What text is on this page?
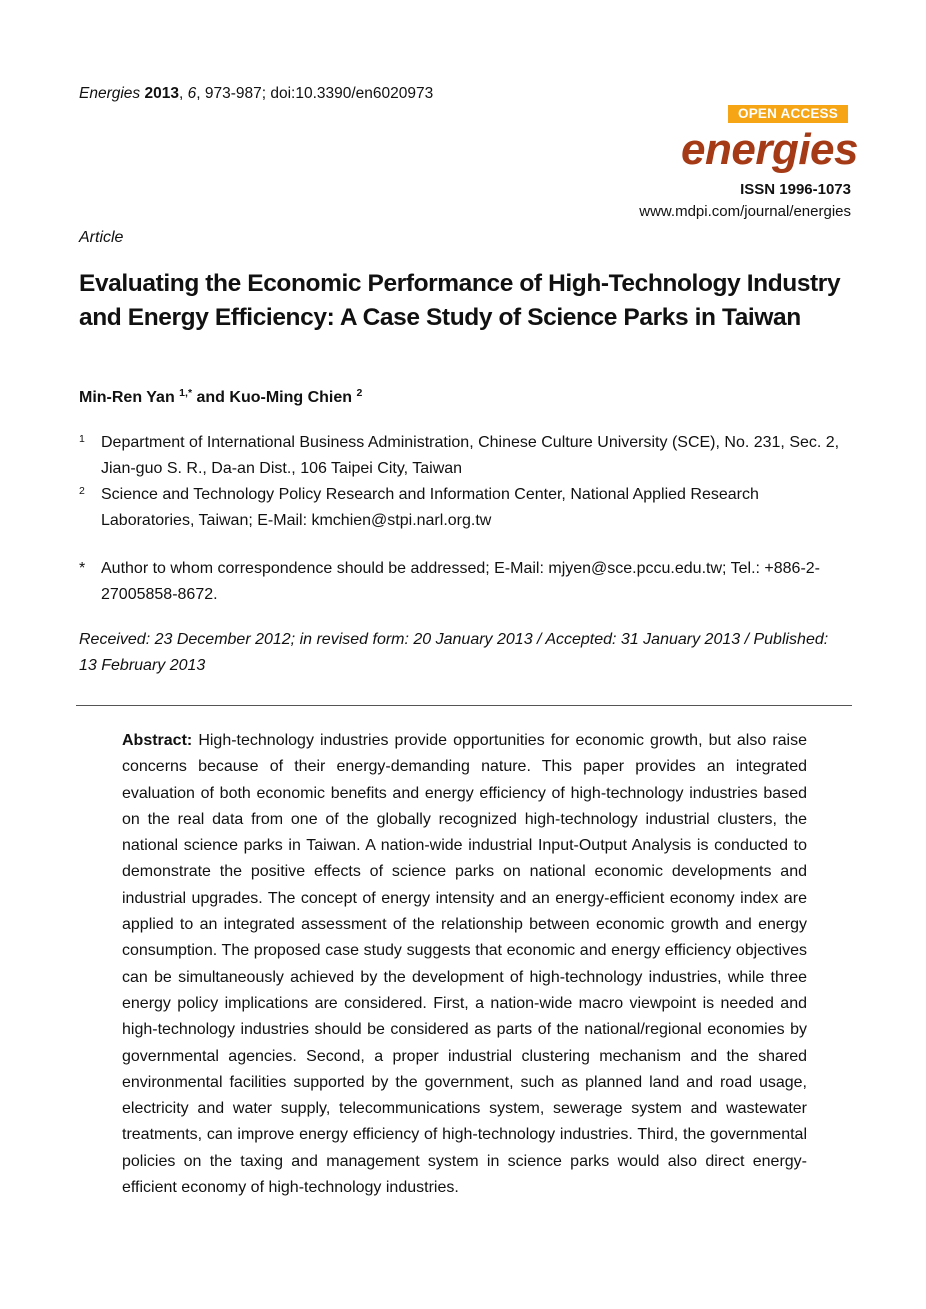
Energies 2013, 6, 973-987; doi:10.3390/en6020973
OPEN ACCESS
energies
ISSN 1996-1073
www.mdpi.com/journal/energies
Article
Evaluating the Economic Performance of High-Technology Industry and Energy Efficiency: A Case Study of Science Parks in Taiwan
Min-Ren Yan $^{1,*}$ and Kuo-Ming Chien $^2$
1 Department of International Business Administration, Chinese Culture University (SCE), No. 231, Sec. 2, Jian-guo S. R., Da-an Dist., 106 Taipei City, Taiwan
2 Science and Technology Policy Research and Information Center, National Applied Research Laboratories, Taiwan; E-Mail: kmchien@stpi.narl.org.tw
* Author to whom correspondence should be addressed; E-Mail: mjyen@sce.pccu.edu.tw; Tel.: +886-2-27005858-8672.
Received: 23 December 2012; in revised form: 20 January 2013 / Accepted: 31 January 2013 / Published: 13 February 2013

Abstract: High-technology industries provide opportunities for economic growth, but also raise concerns because of their energy-demanding nature. This paper provides an integrated evaluation of both economic benefits and energy efficiency of high-technology industries based on the real data from one of the globally recognized high-technology industrial clusters, the national science parks in Taiwan. A nation-wide industrial Input-Output Analysis is conducted to demonstrate the positive effects of science parks on national economic developments and industrial upgrades. The concept of energy intensity and an energy-efficient economy index are applied to an integrated assessment of the relationship between economic growth and energy consumption. The proposed case study suggests that economic and energy efficiency objectives can be simultaneously achieved by the development of high-technology industries, while three energy policy implications are considered. First, a nation-wide macro viewpoint is needed and high-technology industries should be considered as parts of the national/regional economies by governmental agencies. Second, a proper industrial clustering mechanism and the shared environmental facilities supported by the government, such as planned land and road usage, electricity and water supply, telecommunications system, sewerage system and wastewater treatments, can improve energy efficiency of high-technology industries. Third, the governmental policies on the taxing and management system in science parks would also direct energy-efficient economy of high-technology industries.
